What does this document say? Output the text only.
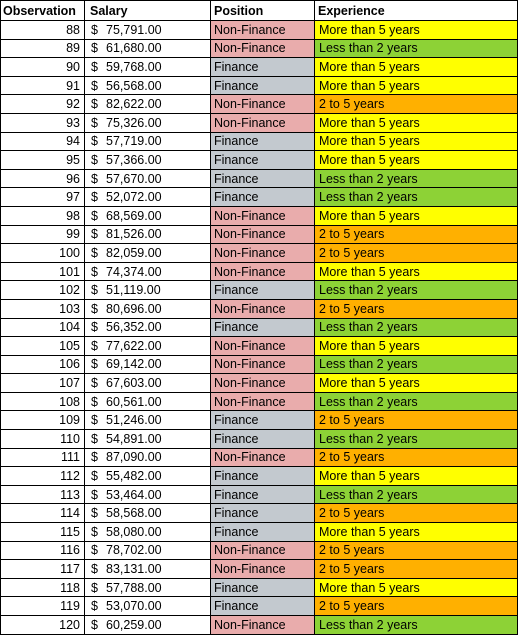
Observation	Salary	Position	Experience
88	$ 75,791.00	Non-Finance	More than 5 years
89	$ 61,680.00	Non-Finance	Less than 2 years
90	$ 59,768.00	Finance	More than 5 years
91	$ 56,568.00	Finance	More than 5 years
92	$ 82,622.00	Non-Finance	2 to 5 years
93	$ 75,326.00	Non-Finance	More than 5 years
94	$ 57,719.00	Finance	More than 5 years
95	$ 57,366.00	Finance	More than 5 years
96	$ 57,670.00	Finance	Less than 2 years
97	$ 52,072.00	Finance	Less than 2 years
98	$ 68,569.00	Non-Finance	More than 5 years
99	$ 81,526.00	Non-Finance	2 to 5 years
100	$ 82,059.00	Non-Finance	2 to 5 years
101	$ 74,374.00	Non-Finance	More than 5 years
102	$ 51,119.00	Finance	Less than 2 years
103	$ 80,696.00	Non-Finance	2 to 5 years
104	$ 56,352.00	Finance	Less than 2 years
105	$ 77,622.00	Non-Finance	More than 5 years
106	$ 69,142.00	Non-Finance	Less than 2 years
107	$ 67,603.00	Non-Finance	More than 5 years
108	$ 60,561.00	Non-Finance	Less than 2 years
109	$ 51,246.00	Finance	2 to 5 years
110	$ 54,891.00	Finance	Less than 2 years
111	$ 87,090.00	Non-Finance	2 to 5 years
112	$ 55,482.00	Finance	More than 5 years
113	$ 53,464.00	Finance	Less than 2 years
114	$ 58,568.00	Finance	2 to 5 years
115	$ 58,080.00	Finance	More than 5 years
116	$ 78,702.00	Non-Finance	2 to 5 years
117	$ 83,131.00	Non-Finance	2 to 5 years
118	$ 57,788.00	Finance	More than 5 years
119	$ 53,070.00	Finance	2 to 5 years
120	$ 60,259.00	Non-Finance	Less than 2 years
